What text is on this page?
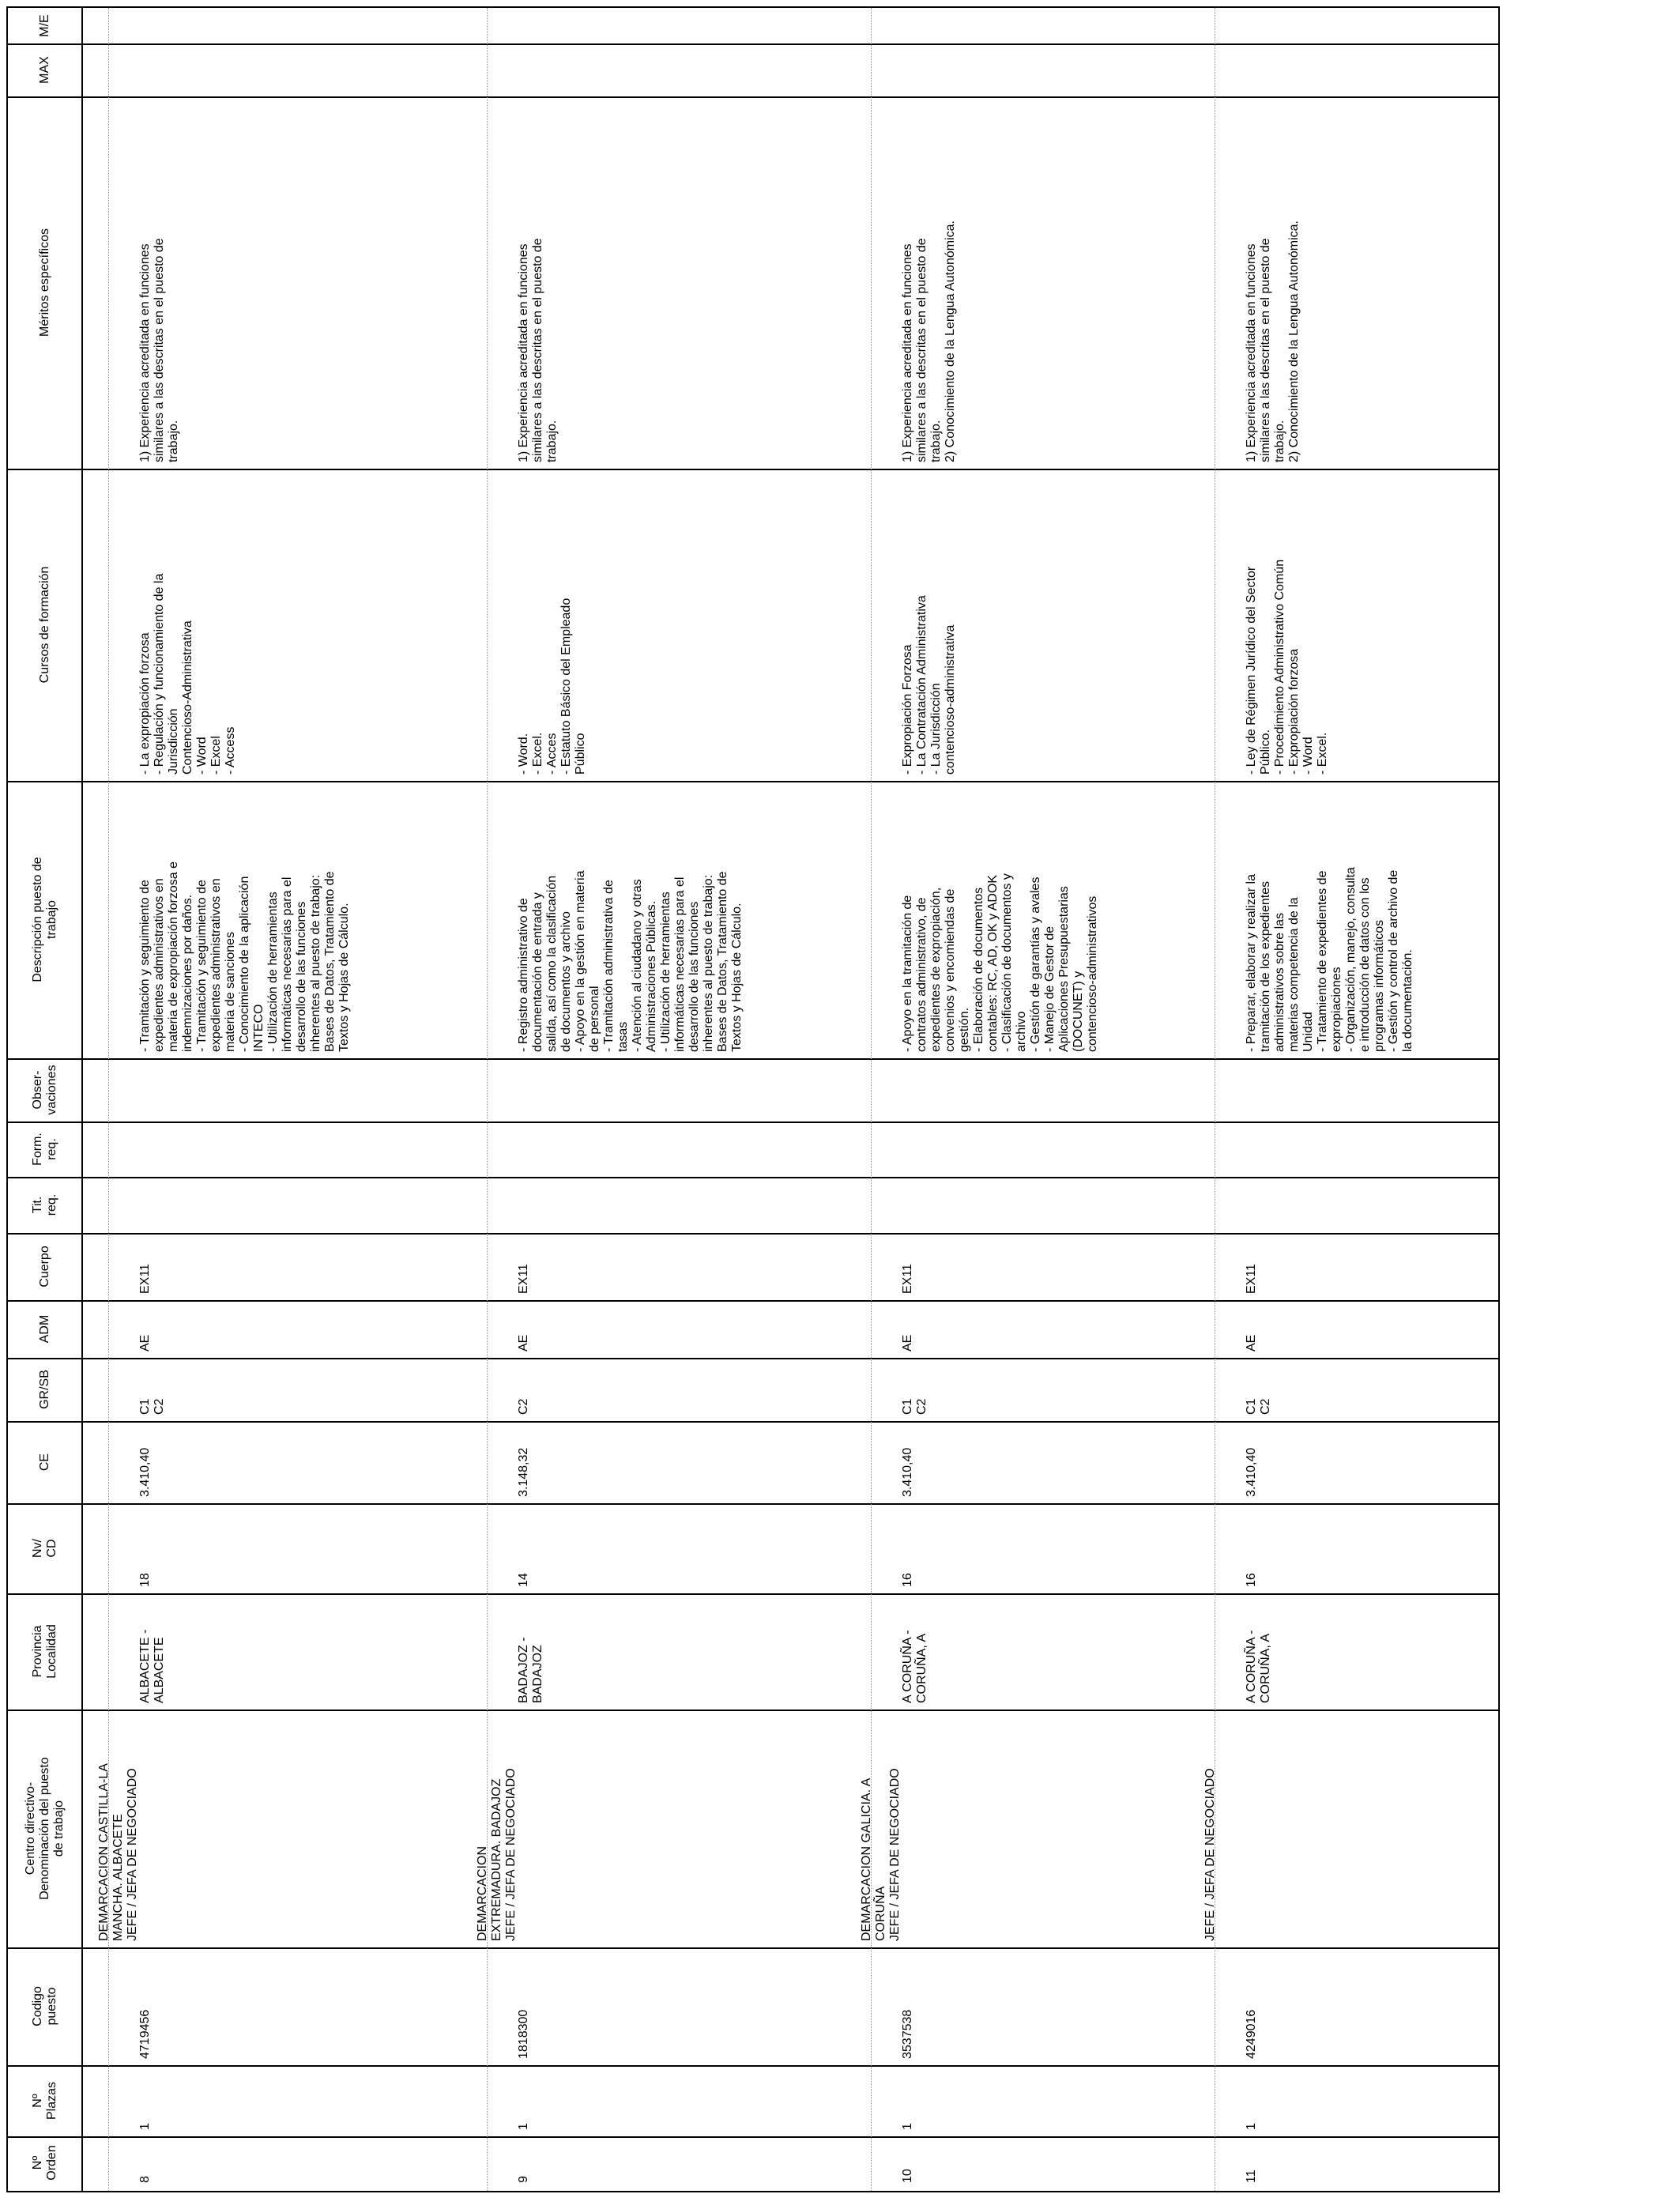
M/E
MAX
Méritos específicos
Cursos de formación
Descripción puesto de
trabajo
Obser-
vaciones
Form.
req.
Tit.
req.
Cuerpo
ADM
GR/SB
CE
Nv/
CD
Provincia
Localidad
Centro directivo-
Denominación del puesto
de trabajo
Codigo
puesto
Nº
Plazas
Nº
Orden
1) Experiencia acreditada en funciones
similares a las descritas en el puesto de
trabajo.
- La expropiación forzosa
- Regulación y funcionamiento de la
Jurisdicción
Contencioso-Administrativa
- Word
- Excel
- Access
- Tramitación y seguimiento de
expedientes administrativos en
materia de expropiación forzosa e
indemnizaciones por daños.
- Tramitación y seguimiento de
expedientes administrativos en
materia de sanciones
- Conocimiento de la aplicación
INTECO
- Utilización de herramientas
informáticas necesarias para el
desarrollo de las funciones
inherentes al puesto de trabajo:
Bases de Datos, Tratamiento de
Textos y Hojas de Cálculo.
EX11
AE
C1
C2
3.410,40
18
ALBACETE -
ALBACETE
DEMARCACION CASTILLA-LA
MANCHA. ALBACETE
JEFE / JEFA DE NEGOCIADO
4719456
1
8
1) Experiencia acreditada en funciones
similares a las descritas en el puesto de
trabajo.
- Word.
- Excel.
- Acces
- Estatuto Básico del Empleado
Público
- Registro administrativo de
documentación de entrada y
salida, así como la clasificación
de documentos y archivo
- Apoyo en la gestión en materia
de personal
- Tramitación administrativa de
tasas
- Atención al ciudadano y otras
Administraciones Públicas.
- Utilización de herramientas
informáticas necesarias para el
desarrollo de las funciones
inherentes al puesto de trabajo:
Bases de Datos, Tratamiento de
Textos y Hojas de Cálculo.
EX11
AE
C2
3.148,32
14
BADAJOZ -
BADAJOZ
DEMARCACION
EXTREMADURA. BADAJOZ
JEFE / JEFA DE NEGOCIADO
1818300
1
9
1) Experiencia acreditada en funciones
similares a las descritas en el puesto de
trabajo.
2) Conocimiento de la Lengua Autonómica.
- Expropiación Forzosa
- La Contratación Administrativa
- La Jurisdicción
contencioso-administrativa
- Apoyo en la tramitación de
contratos administrativo, de
expedientes de expropiación,
convenios y encomiendas de
gestión.
- Elaboración de documentos
contables: RC, AD, OK y ADOK
- Clasificación de documentos y
archivo
- Gestión de garantías y avales
- Manejo de Gestor de
Aplicaciones Presupuestarias
(DOCUNET) y
contencioso-administrativos
EX11
AE
C1
C2
3.410,40
16
A CORUÑA -
CORUÑA, A
DEMARCACION GALICIA. A
CORUÑA
JEFE / JEFA DE NEGOCIADO
3537538
1
10
1) Experiencia acreditada en funciones
similares a las descritas en el puesto de
trabajo.
2) Conocimiento de la Lengua Autonómica.
- Ley de Régimen Jurídico del Sector
Público.
- Procedimiento Administrativo Común
- Expropiación forzosa
- Word
- Excel.
- Preparar, elaborar y realizar la
tramitación de los expedientes
administrativos sobre las
materias competencia de la
Unidad
- Tratamiento de expedientes de
expropiaciones
- Organización, manejo, consulta
e introducción de datos con los
programas informáticos
- Gestión y control de archivo de
la documentación.
EX11
AE
C1
C2
3.410,40
16
A CORUÑA -
CORUÑA, A
JEFE / JEFA DE NEGOCIADO
4249016
1
11
